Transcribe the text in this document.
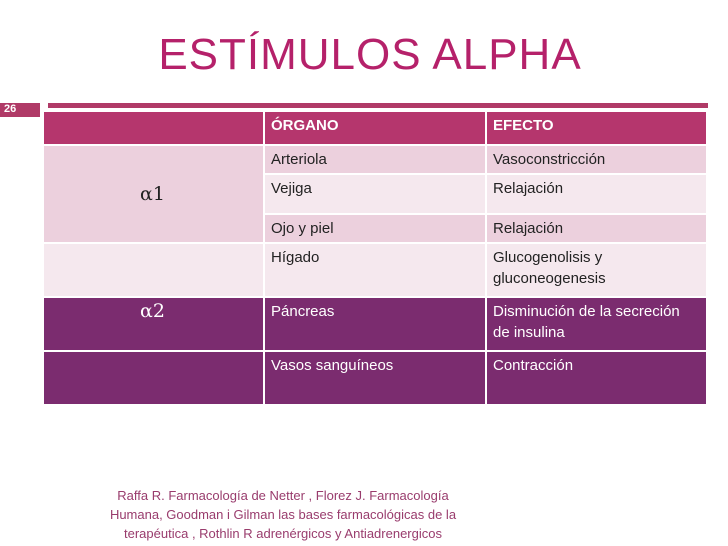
ESTÍMULOS ALPHA
26
	ÓRGANO	EFECTO
α1	Arteriola	Vasoconstricción
	Vejiga	Relajación
	Ojo y piel	Relajación
	Hígado	Glucogenolisis y gluconeogenesis
α2	Páncreas	Disminución de la secreción de insulina
	Vasos sanguíneos	Contracción
Raffa R. Farmacología de Netter , Florez J. Farmacología Humana, Goodman i Gilman las bases farmacológicas de la terapéutica , Rothlin R adrenérgicos y Antiadrenergicos
